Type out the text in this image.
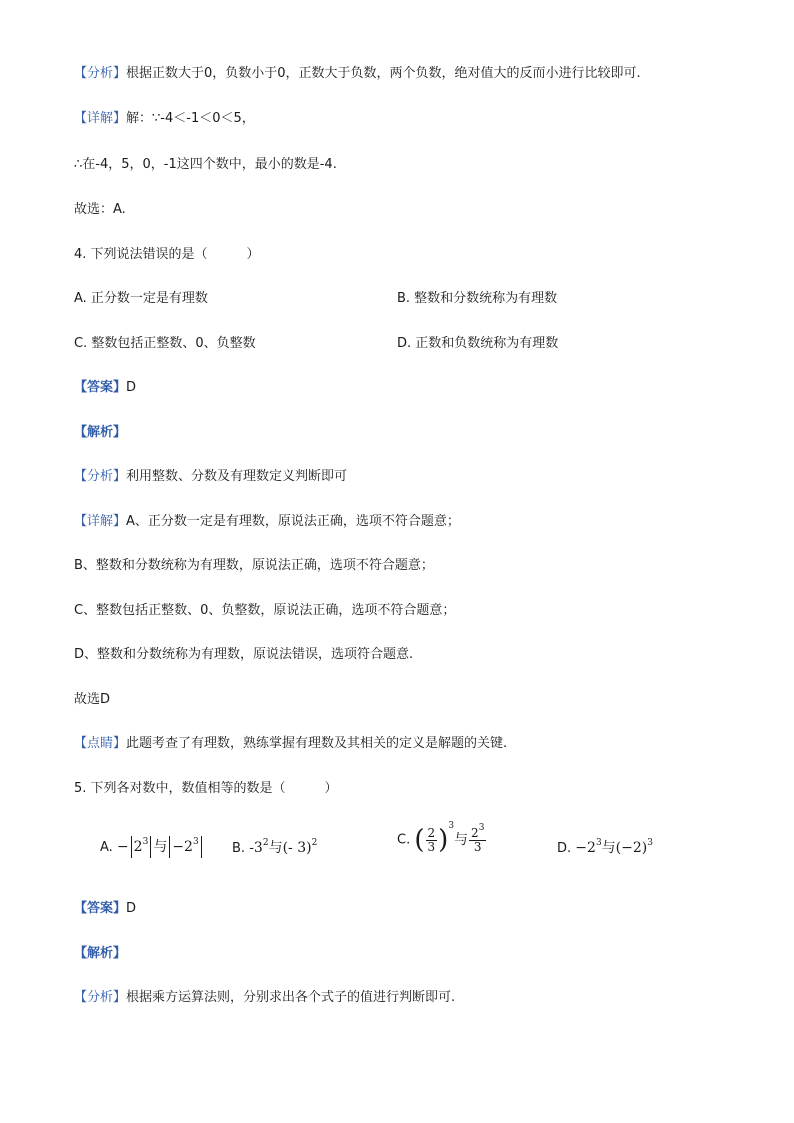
【分析】根据正数大于0，负数小于0，正数大于负数，两个负数，绝对值大的反而小进行比较即可.
【详解】解：∵-4＜-1＜0＜5，
∴在-4，5，0，-1这四个数中，最小的数是-4.
故选：A.
4. 下列说法错误的是（　　　）
A. 正分数一定是有理数	B. 整数和分数统称为有理数
C. 整数包括正整数、0、负整数	D. 正数和负数统称为有理数
【答案】D
【解析】
【分析】利用整数、分数及有理数定义判断即可
【详解】A、正分数一定是有理数，原说法正确，选项不符合题意；
B、整数和分数统称为有理数，原说法正确，选项不符合题意；
C、整数包括正整数、0、负整数，原说法正确，选项不符合题意；
D、整数和分数统称为有理数，原说法错误，选项符合题意.
故选D
【点睛】此题考查了有理数，熟练掌握有理数及其相关的定义是解题的关键.
5. 下列各对数中，数值相等的数是（　　　）
A. − $2^3$ 与 $-2^3$	B. $-3^2$与(- 3)$^2$	C. ( $\frac{2}{3} )^3$与 $\frac{2^3}{3}$	D. $-2^3$与$(-2)^3$
【答案】D
【解析】
【分析】根据乘方运算法则，分别求出各个式子的值进行判断即可.
